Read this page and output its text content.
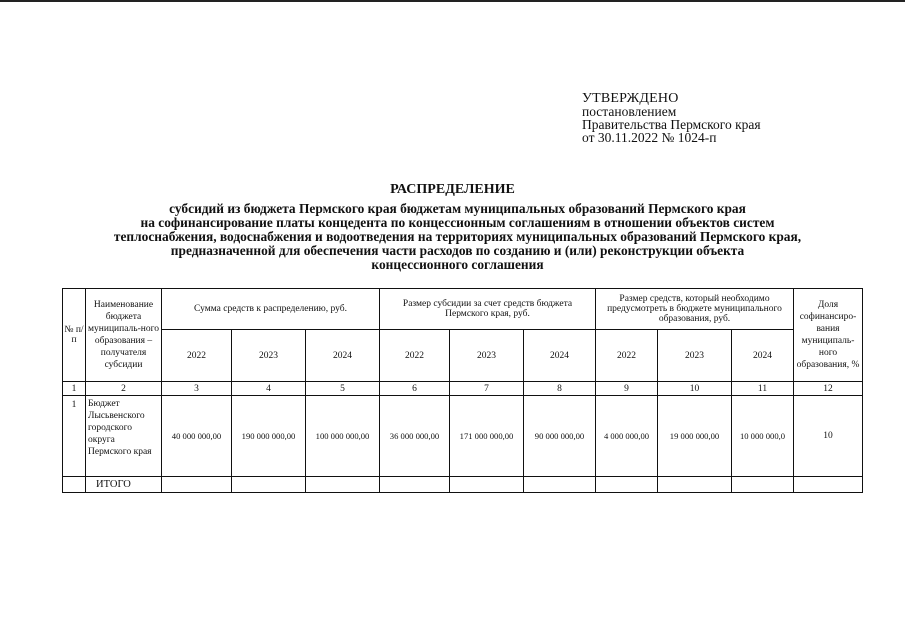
УТВЕРЖДЕНО
постановлением
Правительства Пермского края
от 30.11.2022 № 1024-п
РАСПРЕДЕЛЕНИЕ
субсидий из бюджета Пермского края бюджетам муниципальных образований Пермского края
на софинансирование платы концедента по концессионным соглашениям в отношении объектов систем
теплоснабжения, водоснабжения и водоотведения на территориях муниципальных образований Пермского края,
предназначенной для обеспечения части расходов по созданию и (или) реконструкции объекта
концессионного соглашения
№ п/п	Наименование бюджета муниципаль-ного образования – получателя субсидии	Сумма средств к распределению, руб.			Размер субсидии за счет средств бюджета Пермского края, руб.			Размер средств, который необходимо предусмотреть в бюджете муниципального образования, руб.			Доля софинансиро-вания муниципаль-ного образования, %
		2022	2023	2024	2022	2023	2024	2022	2023	2024	
1	2	3	4	5	6	7	8	9	10	11	12
1	Бюджет Лысьвенского городского округа Пермского края	40 000 000,00	190 000 000,00	100 000 000,00	36 000 000,00	171 000 000,00	90 000 000,00	4 000 000,00	19 000 000,00	10 000 000,0	10
	ИТОГО										
